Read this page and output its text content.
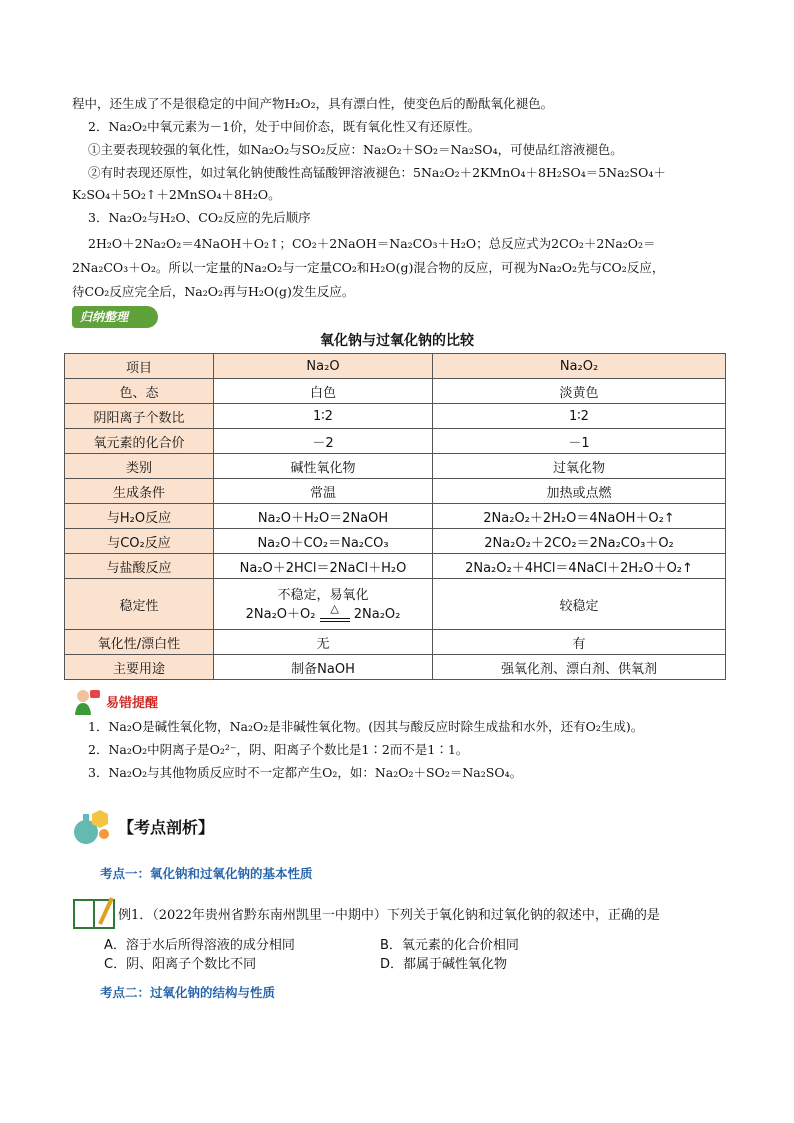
程中，还生成了不是很稳定的中间产物H₂O₂，具有漂白性，使变色后的酚酞氧化褪色。
2．Na₂O₂中氧元素为－1价，处于中间价态，既有氧化性又有还原性。
①主要表现较强的氧化性，如Na₂O₂与SO₂反应：Na₂O₂＋SO₂＝Na₂SO₄，可使品红溶液褪色。
②有时表现还原性，如过氧化钠使酸性高锰酸钾溶液褪色：5Na₂O₂＋2KMnO₄＋8H₂SO₄＝5Na₂SO₄＋
K₂SO₄＋5O₂↑＋2MnSO₄＋8H₂O。
3．Na₂O₂与H₂O、CO₂反应的先后顺序
2H₂O＋2Na₂O₂＝4NaOH＋O₂↑；CO₂＋2NaOH＝Na₂CO₃＋H₂O；总反应式为2CO₂＋2Na₂O₂＝
2Na₂CO₃＋O₂。所以一定量的Na₂O₂与一定量CO₂和H₂O(g)混合物的反应，可视为Na₂O₂先与CO₂反应，
待CO₂反应完全后，Na₂O₂再与H₂O(g)发生反应。
归纳整理
氧化钠与过氧化钠的比较
项目	Na₂O	Na₂O₂
色、态	白色	淡黄色
阴阳离子个数比	1∶2	1∶2
氧元素的化合价	－2	－1
类别	碱性氧化物	过氧化物
生成条件	常温	加热或点燃
与H₂O反应	Na₂O＋H₂O＝2NaOH	2Na₂O₂＋2H₂O＝4NaOH＋O₂↑
与CO₂反应	Na₂O＋CO₂＝Na₂CO₃	2Na₂O₂＋2CO₂＝2Na₂CO₃＋O₂
与盐酸反应	Na₂O＋2HCl＝2NaCl＋H₂O	2Na₂O₂＋4HCl＝4NaCl＋2H₂O＋O₂↑
稳定性	不稳定，易氧化
2Na₂O＋O₂ △ 2Na₂O₂	较稳定
氧化性/漂白性	无	有
主要用途	制备NaOH	强氧化剂、漂白剂、供氧剂
易错提醒
1．Na₂O是碱性氧化物，Na₂O₂是非碱性氧化物。(因其与酸反应时除生成盐和水外，还有O₂生成)。
2．Na₂O₂中阴离子是O₂²⁻，阴、阳离子个数比是1∶2而不是1∶1。
3．Na₂O₂与其他物质反应时不一定都产生O₂，如：Na₂O₂＋SO₂＝Na₂SO₄。
【考点剖析】
考点一：氧化钠和过氧化钠的基本性质
例1．（2022年贵州省黔东南州凯里一中期中）下列关于氧化钠和过氧化钠的叙述中，正确的是
A．溶于水后所得溶液的成分相同	B．氧元素的化合价相同
C．阴、阳离子个数比不同	D．都属于碱性氧化物
考点二：过氧化钠的结构与性质
